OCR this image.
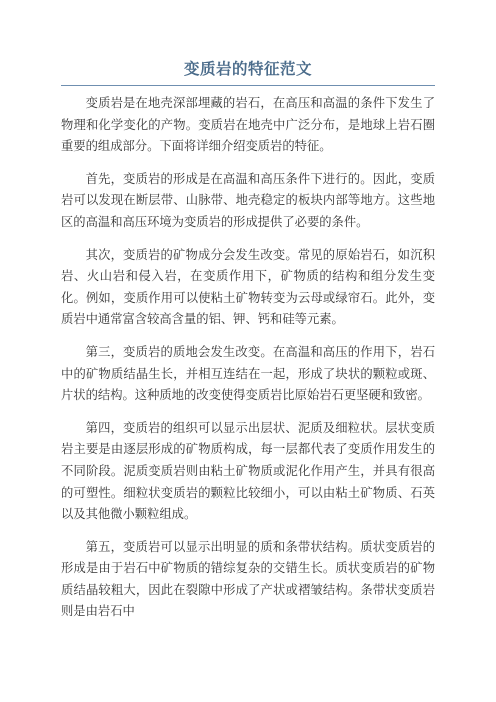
变质岩的特征范文

变质岩是在地壳深部埋藏的岩石，在高压和高温的条件下发生了物理和化学变化的产物。变质岩在地壳中广泛分布，是地球上岩石圈重要的组成部分。下面将详细介绍变质岩的特征。

首先，变质岩的形成是在高温和高压条件下进行的。因此，变质岩可以发现在断层带、山脉带、地壳稳定的板块内部等地方。这些地区的高温和高压环境为变质岩的形成提供了必要的条件。

其次，变质岩的矿物成分会发生改变。常见的原始岩石，如沉积岩、火山岩和侵入岩，在变质作用下，矿物质的结构和组分发生变化。例如，变质作用可以使粘土矿物转变为云母或绿帘石。此外，变质岩中通常富含较高含量的铝、钾、钙和硅等元素。

第三，变质岩的质地会发生改变。在高温和高压的作用下，岩石中的矿物质结晶生长，并相互连结在一起，形成了块状的颗粒或斑、片状的结构。这种质地的改变使得变质岩比原始岩石更坚硬和致密。

第四，变质岩的组织可以显示出层状、泥质及细粒状。层状变质岩主要是由逐层形成的矿物质构成，每一层都代表了变质作用发生的不同阶段。泥质变质岩则由粘土矿物质或泥化作用产生，并具有很高的可塑性。细粒状变质岩的颗粒比较细小，可以由粘土矿物质、石英以及其他微小颗粒组成。

第五，变质岩可以显示出明显的质和条带状结构。质状变质岩的形成是由于岩石中矿物质的错综复杂的交错生长。质状变质岩的矿物质结晶较粗大，因此在裂隙中形成了产状或褶皱结构。条带状变质岩则是由岩石中
